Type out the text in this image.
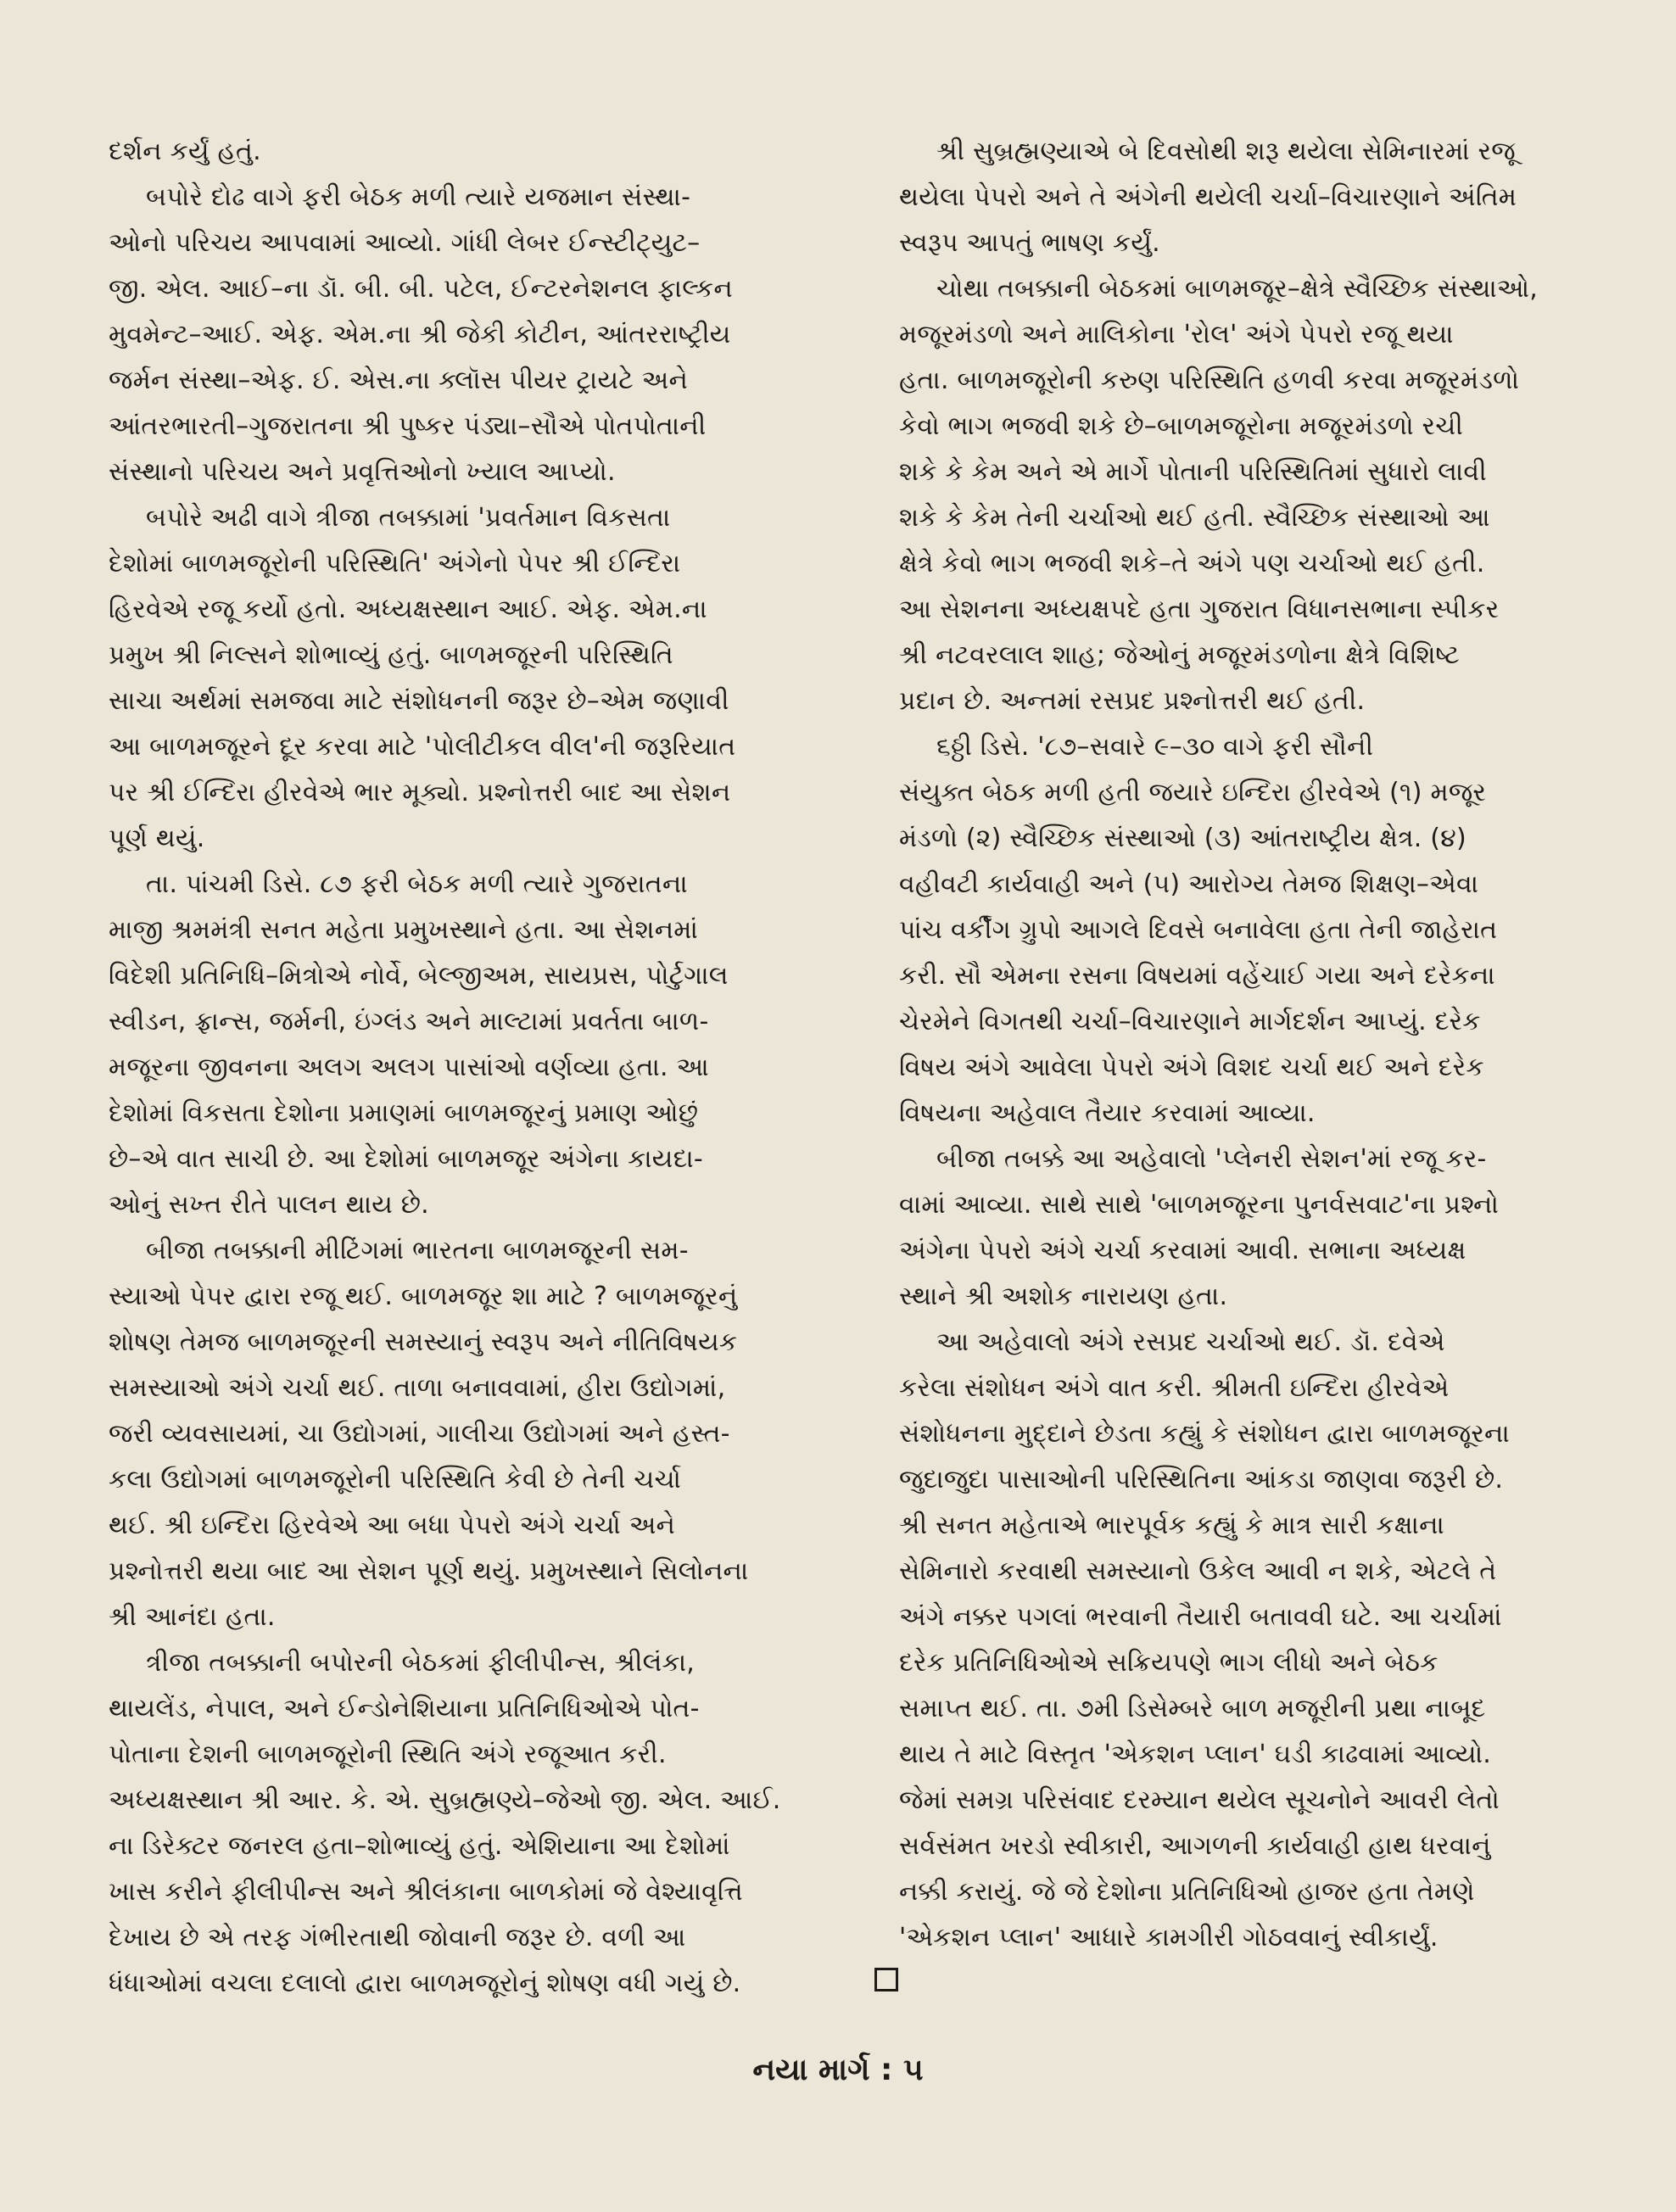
દર્શન કર્યું હતું.
બપોરે દોઢ વાગે ફરી બેઠક મળી ત્યારે યજમાન સંસ્થા-
ઓનો પરિચય આપવામાં આવ્યો. ગાંધી લેબર ઈન્સ્ટીટ્યુટ–
જી. એલ. આઈ–ના ડૉ. બી. બી. પટેલ, ઈન્ટરનેશનલ ફાલ્કન
મુવમેન્ટ–આઈ. એફ. એમ.ના શ્રી જેકી કોટીન, આંતરરાષ્ટ્રીય
જર્મન સંસ્થા–એફ. ઈ. એસ.ના ક્લૉસ પીયર ટ્રાયટે અને
આંતરભારતી–ગુજરાતના શ્રી પુષ્કર પંડ્યા–સૌએ પોતપોતાની
સંસ્થાનો પરિચય અને પ્રવૃત્તિઓનો ખ્યાલ આપ્યો.
બપોરે અઢી વાગે ત્રીજા તબક્કામાં 'પ્રવર્તમાન વિકસતા
દેશોમાં બાળમજૂરોની પરિસ્થિતિ' અંગેનો પેપર શ્રી ઈન્દિરા
હિરવેએ રજૂ કર્યો હતો. અધ્યક્ષસ્થાન આઈ. એફ. એમ.ના
પ્રમુખ શ્રી નિલ્સને શોભાવ્યું હતું. બાળમજૂરની પરિસ્થિતિ
સાચા અર્થમાં સમજવા માટે સંશોધનની જરૂર છે–એમ જણાવી
આ બાળમજૂરને દૂર કરવા માટે 'પોલીટીકલ વીલ'ની જરૂરિયાત
પર શ્રી ઈન્દિરા હીરવેએ ભાર મૂક્યો. પ્રશ્નોત્તરી બાદ આ સેશન
પૂર્ણ થયું.
તા. પાંચમી ડિસે. ૮૭ ફરી બેઠક મળી ત્યારે ગુજરાતના
માજી શ્રમમંત્રી સનત મહેતા પ્રમુખસ્થાને હતા. આ સેશનમાં
વિદેશી પ્રતિનિધિ–મિત્રોએ નોર્વે, બેલ્જીઅમ, સાયપ્રસ, પોર્ટુગાલ
સ્વીડન, ફ્રાન્સ, જર્મની, ઇંગ્લંડ અને માલ્ટામાં પ્રવર્તતા બાળ-
મજૂરના જીવનના અલગ અલગ પાસાંઓ વર્ણવ્યા હતા. આ
દેશોમાં વિકસતા દેશોના પ્રમાણમાં બાળમજૂરનું પ્રમાણ ઓછું
છે–એ વાત સાચી છે. આ દેશોમાં બાળમજૂર અંગેના કાયદા-
ઓનું સખ્ત રીતે પાલન થાય છે.
બીજા તબક્કાની મીટિંગમાં ભારતના બાળમજૂરની સમ-
સ્યાઓ પેપર દ્વારા રજૂ થઈ. બાળમજૂર શા માટે ? બાળમજૂરનું
શોષણ તેમજ બાળમજૂરની સમસ્યાનું સ્વરૂપ અને નીતિવિષયક
સમસ્યાઓ અંગે ચર્ચા થઈ. તાળા બનાવવામાં, હીરા ઉદ્યોગમાં,
જરી વ્યવસાયમાં, ચા ઉદ્યોગમાં, ગાલીચા ઉદ્યોગમાં અને હસ્ત-
કલા ઉદ્યોગમાં બાળમજૂરોની પરિસ્થિતિ કેવી છે તેની ચર્ચા
થઈ. શ્રી ઇન્દિરા હિરવેએ આ બધા પેપરો અંગે ચર્ચા અને
પ્રશ્નોત્તરી થયા બાદ આ સેશન પૂર્ણ થયું. પ્રમુખસ્થાને સિલોનના
શ્રી આનંદા હતા.
ત્રીજા તબક્કાની બપોરની બેઠકમાં ફીલીપીન્સ, શ્રીલંકા,
થાયલેંડ, નેપાલ, અને ઈન્ડોનેશિયાના પ્રતિનિધિઓએ પોત-
પોતાના દેશની બાળમજૂરોની સ્થિતિ અંગે રજૂઆત કરી.
અધ્યક્ષસ્થાન શ્રી આર. કે. એ. સુબ્રહ્મણ્યે–જેઓ જી. એલ. આઈ.
ના ડિરેક્ટર જનરલ હતા–શોભાવ્યું હતું. એશિયાના આ દેશોમાં
ખાસ કરીને ફીલીપીન્સ અને શ્રીલંકાના બાળકોમાં જે વેશ્યાવૃત્તિ
દેખાય છે એ તરફ ગંભીરતાથી જોવાની જરૂર છે. વળી આ
ધંધાઓમાં વચલા દલાલો દ્વારા બાળમજૂરોનું શોષણ વધી ગયું છે.
શ્રી સુબ્રહ્મણ્યાએ બે દિવસોથી શરૂ થયેલા સેમિનારમાં રજૂ
થયેલા પેપરો અને તે અંગેની થયેલી ચર્ચા–વિચારણાને અંતિમ
સ્વરૂપ આપતું ભાષણ કર્યું.
ચોથા તબક્કાની બેઠકમાં બાળમજૂર–ક્ષેત્રે સ્વૈચ્છિક સંસ્થાઓ,
મજૂરમંડળો અને માલિકોના 'રોલ' અંગે પેપરો રજૂ થયા
હતા. બાળમજૂરોની કરુણ પરિસ્થિતિ હળવી કરવા મજૂરમંડળો
કેવો ભાગ ભજવી શકે છે–બાળમજૂરોના મજૂરમંડળો રચી
શકે કે કેમ અને એ માર્ગે પોતાની પરિસ્થિતિમાં સુધારો લાવી
શકે કે કેમ તેની ચર્ચાઓ થઈ હતી. સ્વૈચ્છિક સંસ્થાઓ આ
ક્ષેત્રે કેવો ભાગ ભજવી શકે–તે અંગે પણ ચર્ચાઓ થઈ હતી.
આ સેશનના અધ્યક્ષપદે હતા ગુજરાત વિધાનસભાના સ્પીકર
શ્રી નટવરલાલ શાહ; જેઓનું મજૂરમંડળોના ક્ષેત્રે વિશિષ્ટ
પ્રદાન છે. અન્તમાં રસપ્રદ પ્રશ્નોત્તરી થઈ હતી.
૬ઠ્ઠી ડિસે. '૮૭–સવારે ૯–૩૦ વાગે ફરી સૌની
સંયુક્ત બેઠક મળી હતી જયારે ઇન્દિરા હીરવેએ (૧) મજૂર
મંડળો (૨) સ્વૈચ્છિક સંસ્થાઓ (૩) આંતરાષ્ટ્રીય ક્ષેત્ર. (૪)
વહીવટી કાર્યવાહી અને (૫) આરોગ્ય તેમજ શિક્ષણ–એવા
પાંચ વર્કીંગ ગ્રુપો આગલે દિવસે બનાવેલા હતા તેની જાહેરાત
કરી. સૌ એમના રસના વિષયમાં વહેંચાઈ ગયા અને દરેકના
ચેરમેને વિગતથી ચર્ચા–વિચારણાને માર્ગદર્શન આપ્યું. દરેક
વિષય અંગે આવેલા પેપરો અંગે વિશદ ચર્ચા થઈ અને દરેક
વિષયના અહેવાલ તૈયાર કરવામાં આવ્યા.
બીજા તબક્કે આ અહેવાલો 'પ્લેનરી સેશન'માં રજૂ કર-
વામાં આવ્યા. સાથે સાથે 'બાળમજૂરના પુનર્વસવાટ'ના પ્રશ્નો
અંગેના પેપરો અંગે ચર્ચા કરવામાં આવી. સભાના અધ્યક્ષ
સ્થાને શ્રી અશોક નારાયણ હતા.
આ અહેવાલો અંગે રસપ્રદ ચર્ચાઓ થઈ. ડૉ. દવેએ
કરેલા સંશોધન અંગે વાત કરી. શ્રીમતી ઇન્દિરા હીરવેએ
સંશોધનના મુદ્દાને છેડતા કહ્યું કે સંશોધન દ્વારા બાળમજૂરના
જુદાજુદા પાસાઓની પરિસ્થિતિના આંકડા જાણવા જરૂરી છે.
શ્રી સનત મહેતાએ ભારપૂર્વક કહ્યું કે માત્ર સારી કક્ષાના
સેમિનારો કરવાથી સમસ્યાનો ઉકેલ આવી ન શકે, એટલે તે
અંગે નક્કર પગલાં ભરવાની તૈયારી બતાવવી ઘટે. આ ચર્ચામાં
દરેક પ્રતિનિધિઓએ સક્રિયપણે ભાગ લીધો અને બેઠક
સમાપ્ત થઈ. તા. ૭મી ડિસેમ્બરે બાળ મજૂરીની પ્રથા નાબૂદ
થાય તે માટે વિસ્તૃત 'એકશન પ્લાન' ઘડી કાઢવામાં આવ્યો.
જેમાં સમગ્ર પરિસંવાદ દરમ્યાન થયેલ સૂચનોને આવરી લેતો
સર્વસંમત ખરડો સ્વીકારી, આગળની કાર્યવાહી હાથ ધરવાનું
નક્કી કરાયું. જે જે દેશોના પ્રતિનિધિઓ હાજર હતા તેમણે
'એકશન પ્લાન' આધારે કામગીરી ગોઠવવાનું સ્વીકાર્યું.
નયા માર્ગ : ૫
